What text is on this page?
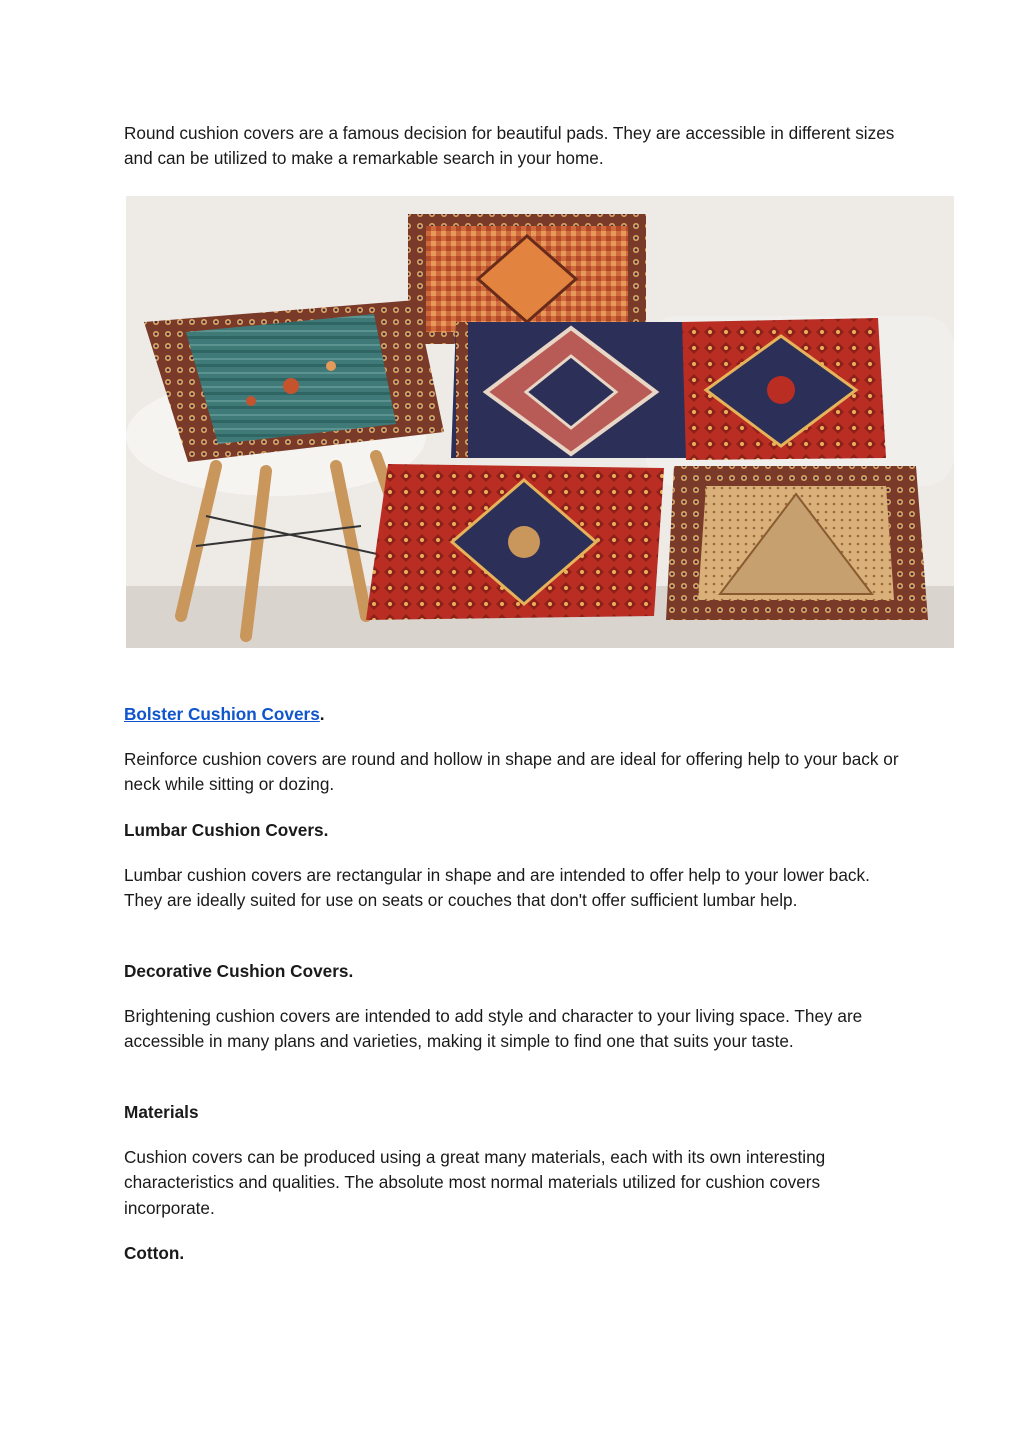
Round cushion covers are a famous decision for beautiful pads. They are accessible in different sizes and can be utilized to make a remarkable search in your home.

Bolster Cushion Covers.

Reinforce cushion covers are round and hollow in shape and are ideal for offering help to your back or neck while sitting or dozing.

Lumbar Cushion Covers.

Lumbar cushion covers are rectangular in shape and are intended to offer help to your lower back. They are ideally suited for use on seats or couches that don't offer sufficient lumbar help.

Decorative Cushion Covers.

Brightening cushion covers are intended to add style and character to your living space. They are accessible in many plans and varieties, making it simple to find one that suits your taste.

Materials

Cushion covers can be produced using a great many materials, each with its own interesting characteristics and qualities. The absolute most normal materials utilized for cushion covers incorporate.

Cotton.
